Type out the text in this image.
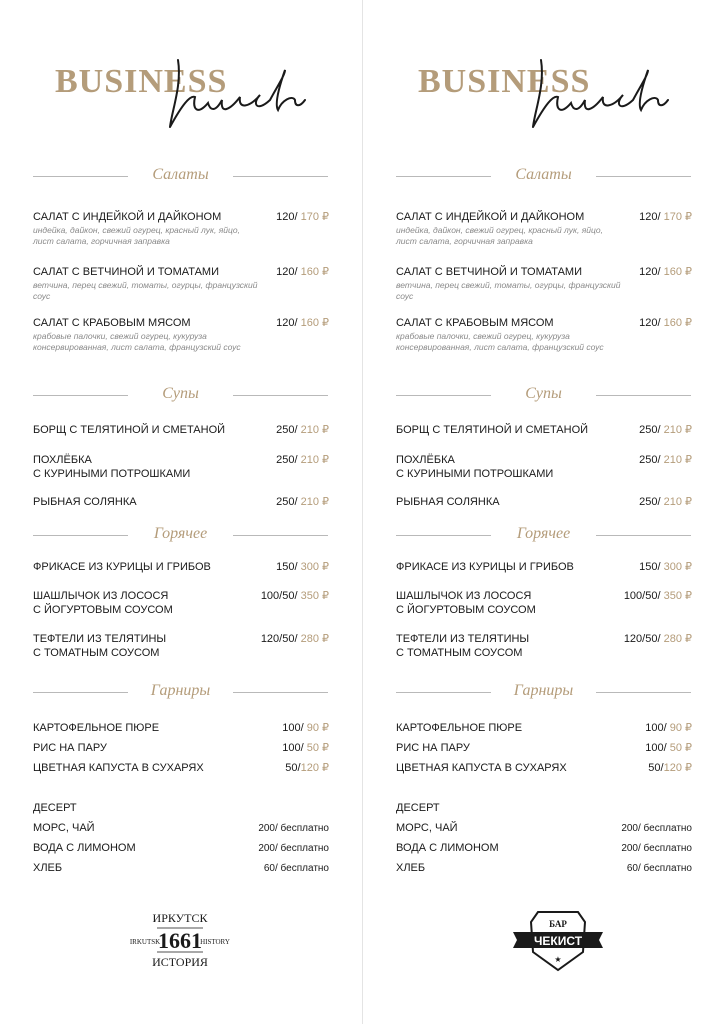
BUSINESS
Салаты
САЛАТ С ИНДЕЙКОЙ И ДАЙКОНОМ
индейка, дайкон, свежий огурец, красный лук, яйцо, лист салата, горчичная заправка
120/ 170 ₽
САЛАТ С ВЕТЧИНОЙ И ТОМАТАМИ
ветчина, перец свежий, томаты, огурцы, французский соус
120/ 160 ₽
САЛАТ С КРАБОВЫМ МЯСОМ
крабовые палочки, свежий огурец, кукуруза консервированная, лист салата, французский соус
120/ 160 ₽
Супы
БОРЩ С ТЕЛЯТИНОЙ И СМЕТАНОЙ	250/ 210 ₽
ПОХЛЁБКА
С КУРИНЫМИ ПОТРОШКАМИ
250/ 210 ₽
РЫБНАЯ СОЛЯНКА	250/ 210 ₽
Горячее
ФРИКАСЕ ИЗ КУРИЦЫ И ГРИБОВ	150/ 300 ₽
ШАШЛЫЧОК ИЗ ЛОСОСЯ
С ЙОГУРТОВЫМ СОУСОМ
100/50/ 350 ₽
ТЕФТЕЛИ ИЗ ТЕЛЯТИНЫ
С ТОМАТНЫМ СОУСОМ
120/50/ 280 ₽
Гарниры
КАРТОФЕЛЬНОЕ ПЮРЕ	100/ 90 ₽
РИС НА ПАРУ	100/ 50 ₽
ЦВЕТНАЯ КАПУСТА В СУХАРЯХ	50/120 ₽
ДЕСЕРТ
МОРС, ЧАЙ	200/ бесплатно
ВОДА С ЛИМОНОМ	200/ бесплатно
ХЛЕБ	60/ бесплатно
ИРКУТСК
1661
IRKUTSK	HISTORY
ИСТОРИЯ
BUSINESS
Салаты
САЛАТ С ИНДЕЙКОЙ И ДАЙКОНОМ
индейка, дайкон, свежий огурец, красный лук, яйцо, лист салата, горчичная заправка
120/ 170 ₽
САЛАТ С ВЕТЧИНОЙ И ТОМАТАМИ
ветчина, перец свежий, томаты, огурцы, французский соус
120/ 160 ₽
САЛАТ С КРАБОВЫМ МЯСОМ
крабовые палочки, свежий огурец, кукуруза консервированная, лист салата, французский соус
120/ 160 ₽
Супы
БОРЩ С ТЕЛЯТИНОЙ И СМЕТАНОЙ	250/ 210 ₽
ПОХЛЁБКА
С КУРИНЫМИ ПОТРОШКАМИ
250/ 210 ₽
РЫБНАЯ СОЛЯНКА	250/ 210 ₽
Горячее
ФРИКАСЕ ИЗ КУРИЦЫ И ГРИБОВ	150/ 300 ₽
ШАШЛЫЧОК ИЗ ЛОСОСЯ
С ЙОГУРТОВЫМ СОУСОМ
100/50/ 350 ₽
ТЕФТЕЛИ ИЗ ТЕЛЯТИНЫ
С ТОМАТНЫМ СОУСОМ
120/50/ 280 ₽
Гарниры
КАРТОФЕЛЬНОЕ ПЮРЕ	100/ 90 ₽
РИС НА ПАРУ	100/ 50 ₽
ЦВЕТНАЯ КАПУСТА В СУХАРЯХ	50/120 ₽
ДЕСЕРТ
МОРС, ЧАЙ	200/ бесплатно
ВОДА С ЛИМОНОМ	200/ бесплатно
ХЛЕБ	60/ бесплатно
БАР
ЧЕКИСТ
★
